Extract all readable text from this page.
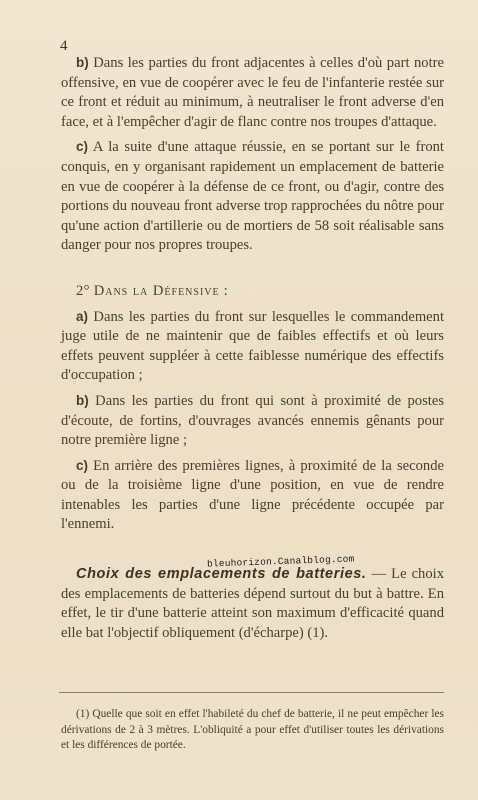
4

b) Dans les parties du front adjacentes à celles d'où part notre offensive, en vue de coopérer avec le feu de l'infanterie restée sur ce front et réduit au minimum, à neutraliser le front adverse d'en face, et à l'empêcher d'agir de flanc contre nos troupes d'attaque.

c) A la suite d'une attaque réussie, en se portant sur le front conquis, en y organisant rapidement un emplacement de batterie en vue de coopérer à la défense de ce front, ou d'agir, contre des portions du nouveau front adverse trop rapprochées du nôtre pour qu'une action d'artillerie ou de mortiers de 58 soit réalisable sans danger pour nos propres troupes.

2° Dans la Défensive :

a) Dans les parties du front sur lesquelles le commandement juge utile de ne maintenir que de faibles effectifs et où leurs effets peuvent suppléer à cette faiblesse numérique des effectifs d'occupation ;

b) Dans les parties du front qui sont à proximité de postes d'écoute, de fortins, d'ouvrages avancés ennemis gênants pour notre première ligne ;

c) En arrière des premières lignes, à proximité de la seconde ou de la troisième ligne d'une position, en vue de rendre intenables les parties d'une ligne précédente occupée par l'ennemi.

Choix des emplacements de batteries. — Le choix des emplacements de batteries dépend surtout du but à battre. En effet, le tir d'une batterie atteint son maximum d'efficacité quand elle bat l'objectif obliquement (d'écharpe) (1).

bleuhorizon.Canalblog.com
(1) Quelle que soit en effet l'habileté du chef de batterie, il ne peut empêcher les dérivations de 2 à 3 mètres. L'obliquité a pour effet d'utiliser toutes les dérivations et les différences de portée.
